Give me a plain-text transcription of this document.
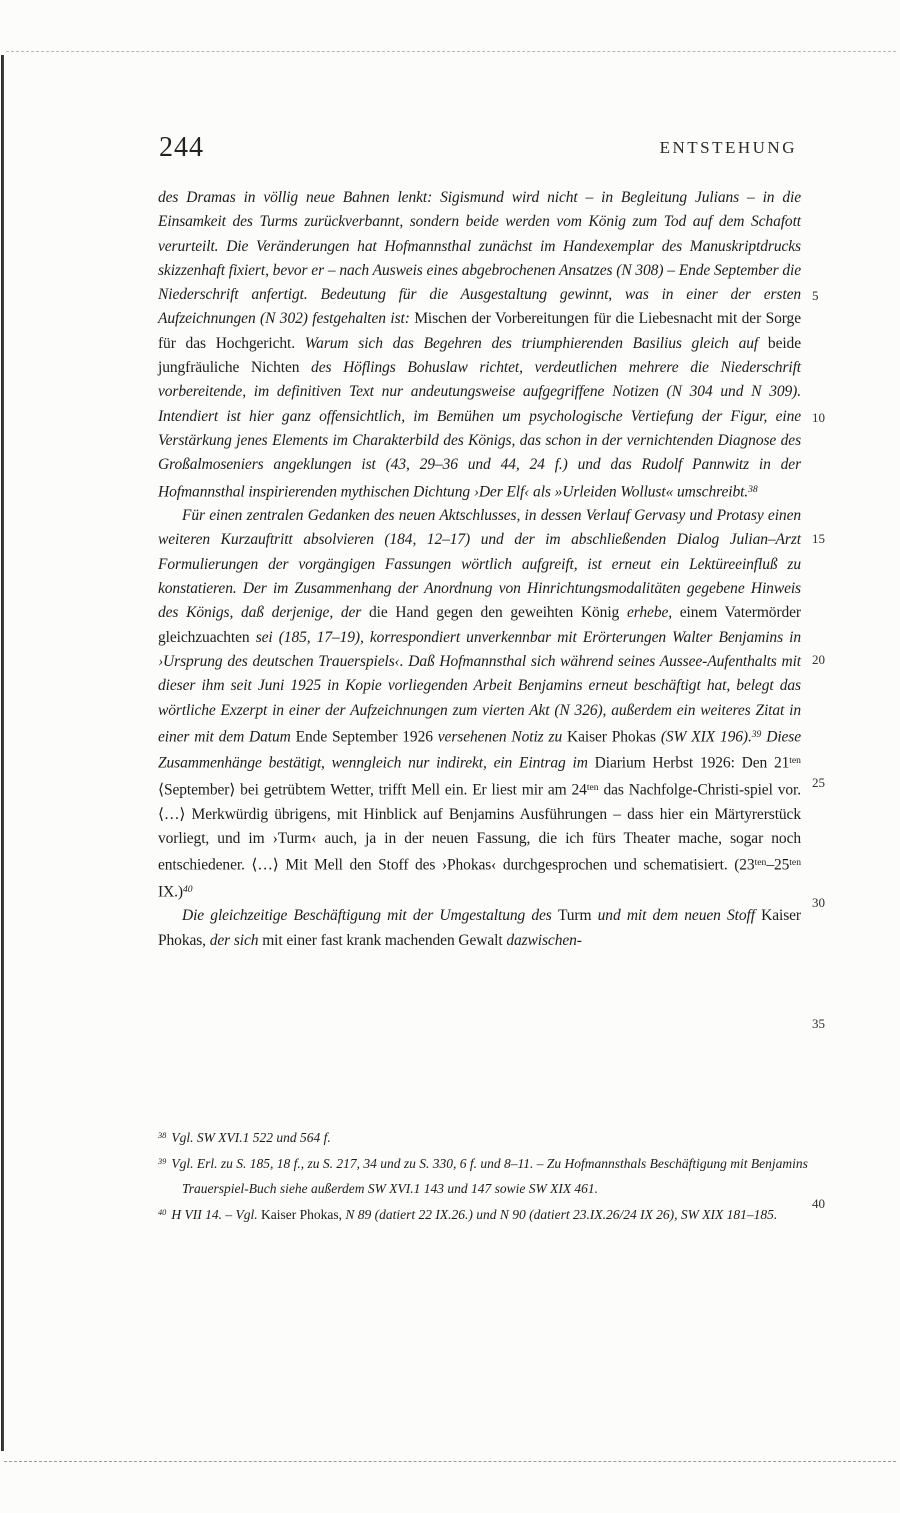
244	ENTSTEHUNG

des Dramas in völlig neue Bahnen lenkt: Sigismund wird nicht – in Begleitung Julians – in die Einsamkeit des Turms zurückverbannt, sondern beide werden vom König zum Tod auf dem Schafott verurteilt. Die Veränderungen hat Hofmannsthal zunächst im Handexemplar des Manuskriptdrucks skizzenhaft fixiert, bevor er – nach Ausweis eines abgebrochenen Ansatzes (N 308) – Ende September die Niederschrift anfertigt. Bedeutung für die Ausgestaltung gewinnt, was in einer der ersten Aufzeichnungen (N 302) festgehalten ist: Mischen der Vorbereitungen für die Liebesnacht mit der Sorge für das Hochgericht. Warum sich das Begehren des triumphierenden Basilius gleich auf beide jungfräuliche Nichten des Höflings Bohuslaw richtet, verdeutlichen mehrere die Niederschrift vorbereitende, im definitiven Text nur andeutungsweise aufgegriffene Notizen (N 304 und N 309). Intendiert ist hier ganz offensichtlich, im Bemühen um psychologische Vertiefung der Figur, eine Verstärkung jenes Elements im Charakterbild des Königs, das schon in der vernichtenden Diagnose des Großalmoseniers angeklungen ist (43, 29–36 und 44, 24 f.) und das Rudolf Pannwitz in der Hofmannsthal inspirierenden mythischen Dichtung ›Der Elf‹ als »Urleiden Wollust« umschreibt.$^{38}$

Für einen zentralen Gedanken des neuen Aktschlusses, in dessen Verlauf Gervasy und Protasy einen weiteren Kurzauftritt absolvieren (184, 12–17) und der im abschließenden Dialog Julian–Arzt Formulierungen der vorgängigen Fassungen wörtlich aufgreift, ist erneut ein Lektüreeinfluß zu konstatieren. Der im Zusammenhang der Anordnung von Hinrichtungsmodalitäten gegebene Hinweis des Königs, daß derjenige, der die Hand gegen den geweihten König erhebe, einem Vatermörder gleichzuachten sei (185, 17–19), korrespondiert unverkennbar mit Erörterungen Walter Benjamins in ›Ursprung des deutschen Trauerspiels‹. Daß Hofmannsthal sich während seines Aussee-Aufenthalts mit dieser ihm seit Juni 1925 in Kopie vorliegenden Arbeit Benjamins erneut beschäftigt hat, belegt das wörtliche Exzerpt in einer der Aufzeichnungen zum vierten Akt (N 326), außerdem ein weiteres Zitat in einer mit dem Datum Ende September 1926 versehenen Notiz zu Kaiser Phokas (SW XIX 196).$^{39}$ Diese Zusammenhänge bestätigt, wenngleich nur indirekt, ein Eintrag im Diarium Herbst 1926: Den $21^{ten}$ ⟨September⟩ bei getrübtem Wetter, trifft Mell ein. Er liest mir am $24^{ten}$ das Nachfolge-Christi-spiel vor. ⟨…⟩ Merkwürdig übrigens, mit Hinblick auf Benjamins Ausführungen – dass hier ein Märtyrerstück vorliegt, und im ›Turm‹ auch, ja in der neuen Fassung, die ich fürs Theater mache, sogar noch entschiedener. ⟨…⟩ Mit Mell den Stoff des ›Phokas‹ durchgesprochen und schematisiert. ($23^{ten}-25^{ten}$ IX.)$^{40}$

Die gleichzeitige Beschäftigung mit der Umgestaltung des Turm und mit dem neuen Stoff Kaiser Phokas, der sich mit einer fast krank machenden Gewalt dazwischen-

5
10
15
20
25
30
35
40

$^{38}$ Vgl. SW XVI.1 522 und 564 f.

$^{39}$ Vgl. Erl. zu S. 185, 18 f., zu S. 217, 34 und zu S. 330, 6 f. und 8–11. – Zu Hofmannsthals Beschäftigung mit Benjamins Trauerspiel-Buch siehe außerdem SW XVI.1 143 und 147 sowie SW XIX 461.

$^{40}$ H VII 14. – Vgl. Kaiser Phokas, N 89 (datiert 22 IX.26.) und N 90 (datiert 23.IX.26/24 IX 26), SW XIX 181–185.
